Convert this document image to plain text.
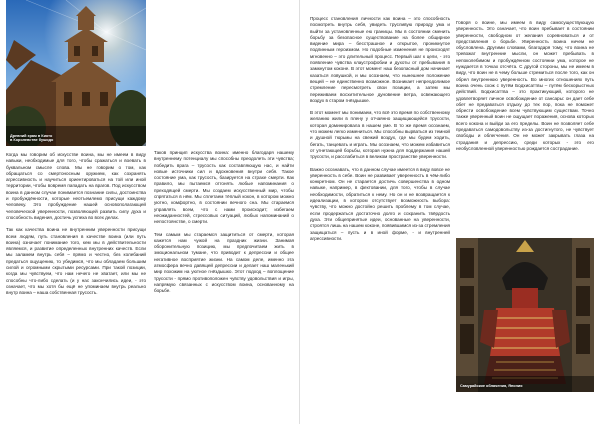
Древний храм в Киото
в Королевстве бушидо

Когда мы говорим об искусстве воина, мы не имеем в виду навыки, необходимые для того, чтобы сражаться и воевать в буквальном смысле слова. Мы не говорим о том, как обращаться со смертоносным оружием, как сохранять агрессивность и научиться ориентироваться на той или иной территории, чтобы вовремя пападать на врагов. Под искусством воина в данном случае понимается познание силы, достоинства и пробуждённости, которые неотъемлемо присущи каждому человеку. Это пробуждение нашей основополагающей человеческой уверенности, позволяющей развить силу духа и способность видения, достичь успеха во всех делах.

Так как качества воина не внутренним уверенности присущи всем людям, путь становления в качестве воина (или путь воина) означает понимание того, кем мы в действительности являемся, и развитие определенных внутренних качеств. Если мы заламем внутрь себя – прямо и честно, без колебаний предаться ощущению, то убедимся, что мы обладаем большим силой и огромными скрытыми ресурсами. При такой позиции, когда мы чувствуем, что нам нечего не хватает, или мы не способны что-либо сделать (и у нас закончились идеи, - это означает, что мы хотя бы ещё не упоминаем внутрь реально внутр воина – наша собственная трусость.

Таков принцип искусства воина: именно благодаря нашему внутреннему потенциалу мы способны преодолеть эти чувства; победить врага – трусость как составляющую нас, и найти новые источники сил и вдохновения внутри себя. Такое состояние ума, как трусость, базируется на страхе смерти. Как правило, мы пытаемся отгонять любые напоминания о преходящей смерти. Мы создаем искусственный мир, чтобы спрятаться в нём. Мы сплетаем тёплый кокон, в котором можно уютно, комфортно, в состоянии вечного сна. Мы стараемся управлять всем, что с нами происходит; избегаем неожиданностей, стрессовых ситуаций, любых напоминаний о непостоянстве, о смерти.

Тем самым мы стараемся защититься от смерти, которая кажется нам чужой на праздник жизни. Занимая оборонительную позицию, мы предпочитаем жить в эмоциональном тумане, что приводит к депрессии и общее негативное восприятие жизни. На самом деле, именно эта атмосфера вечно давящей депрессии и делает наш маленький мир похожим на уютное гнёздышко. Этот подход – воплощение трусости - прямо противоположен чувству удовольствия и игры, напрямую связанных с искусством воина, основанному на борьбе.

Процесс становления личности как воина – это способность посмотреть внутрь себя, увидеть трусливую природу ума и выйти за установленные ею границы. Мы в состоянии сменить борьбу за безопасное существование на более общирное видение мира – бесстрашное и открытое, проникнутое подлинным героизмом. Но подобные изменения не происходят мгновенно – это длительный процесс. Первый шаг к цели, - это появление чувства клаустрофобии и духоты от пребывания в замкнутом коконе. В этот момент наш безопасный дом начинает казаться ловушкой, и мы осознаем, что нынешнее положение вещей – не единственно возможное. Возникает непреодолимое стремление пересмотреть свои позиции, а затем мы переживаем восхитительное дуновение ветра, освежающего воздух в старом гнёздышке.

В этот момент мы понимаем, что всё это время по собственному желанию жили в плену у отчаянно защищающейся трусости, которая доминировала в нашем уме. В то же время осознаем, что можем легко измениться. Мы способны вырваться из темной и душной тюрьмы на свежий воздух, где мы будем ходить, бегать, танцевать и играть. Мы осознаем, что можем избавиться от угнетающей борьбы, которая нужна для поддержания нашей трусости, и расслабиться в великом пространстве уверенности.

Важно осознавать, что в данном случае имеется в виду вовсе не уверенность в себе. Воин не развивает уверенность в чём-либо конкретном. Он не старается достичь совершенства в одном навыке, например, в фехтовании, для того, чтобы в случае необходимости, обратиться к нему. Но он и не возвращается к идеализации, в котором отсутствует возможность выбора: чувству, что можно достойно решить проблему в том случае, если продержаться достаточно долго и сохранить твёрдость духа. Эти общепринятые идеи, основанные на уверенности, строятся лишь на нашем коконе, появившимся из-за стремления защищаться – пусть и в иной форме, - и внутренней агрессивности.

Говоря о воине, мы имеем в виду самосуществующую уверенность. Это означает, что воин пребывает в состоянии уверенности, свободном от желания соревноваться и от представления о борьбе. Уверенность воина ничем не обусловлена. Другими словами, благодаря тому, что воина не тревожат внутренние мысли, он может пребывать в непоколебимом и пробуждённом состоянии ума, которое не нуждается в точках отсчёта. С другой стороны, мы не имеем в виду, что воин не в чему больше стремиться после того, как он обрел внутреннюю уверенность. Во многих отношениях путь воина очень схож с путём Бодхисаттвы – путём бескорыстных действий. Бодхисаттва – это практикующий, которого не удовлетворяет личное освобождение от сансары: он дает себе обет не предаваться отдыху до тех пор, пока не поможет обрести освобождение всем чувствующим существам. Точно также уверенный воин не ощущает поражения, основа которых всего кокона и выйди за его пределы. Воин не позволяет себе предаваться самодовольству из-за достигнутого, не чувствует свободы и облегчения. Он не может закрывать глаза на страдания и депрессию, среди которых - это его необусловленной уверенностью рождается сострадание.

Самурайские облачения, Япония
